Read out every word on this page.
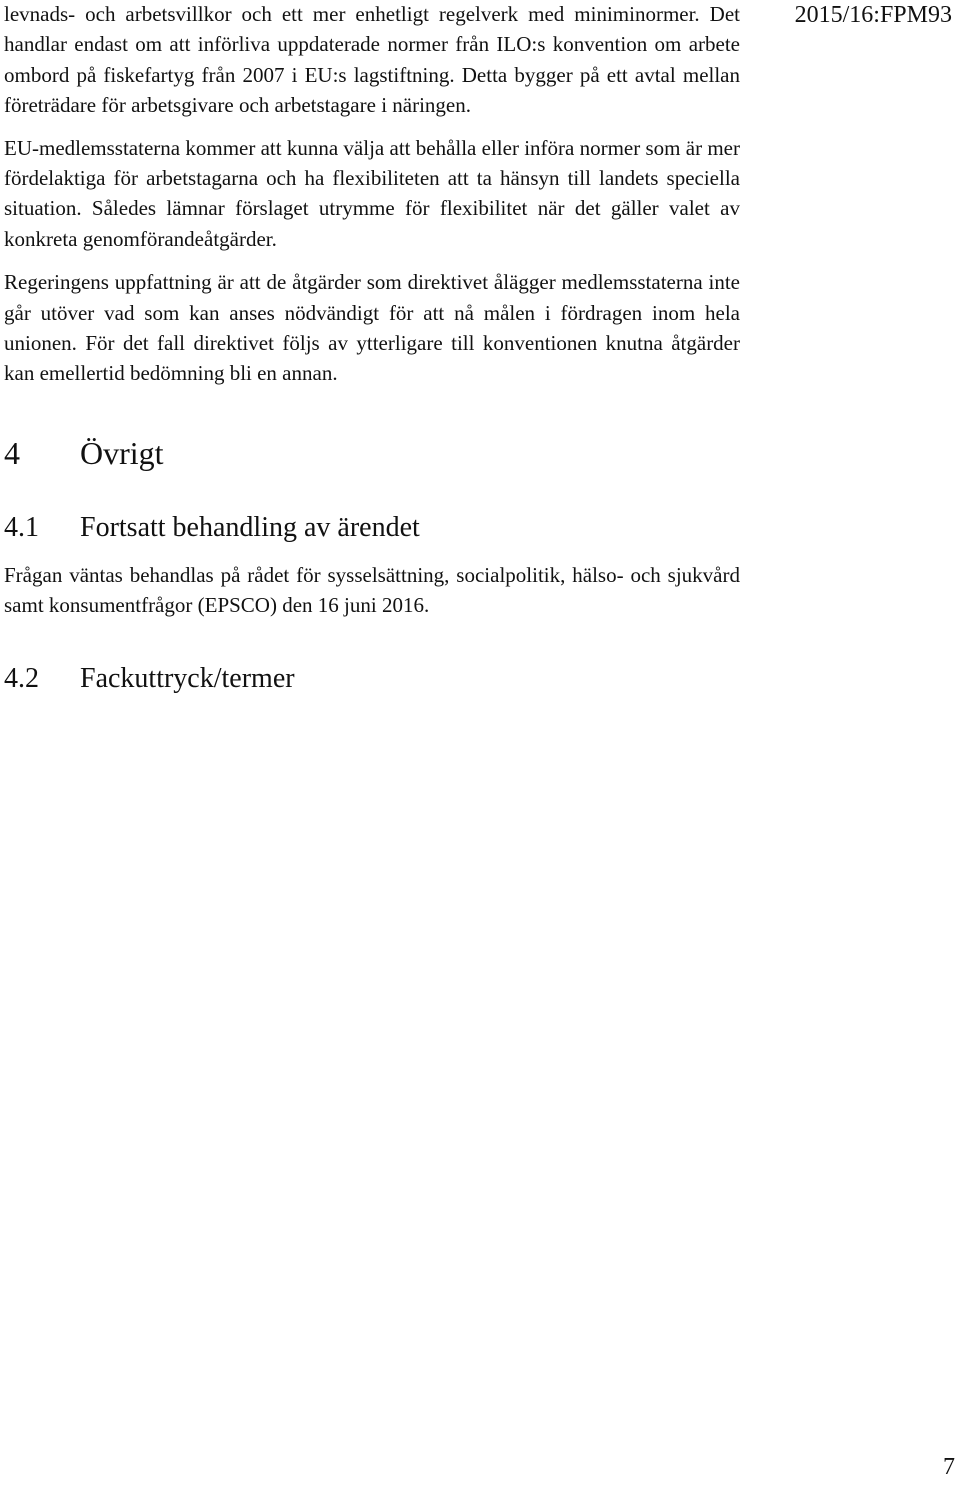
2015/16:FPM93

levnads- och arbetsvillkor och ett mer enhetligt regelverk med miniminormer. Det handlar endast om att införliva uppdaterade normer från ILO:s konvention om arbete ombord på fiskefartyg från 2007 i EU:s lagstiftning. Detta bygger på ett avtal mellan företrädare för arbetsgivare och arbetstagare i näringen.

EU-medlemsstaterna kommer att kunna välja att behålla eller införa normer som är mer fördelaktiga för arbetstagarna och ha flexibiliteten att ta hänsyn till landets speciella situation. Således lämnar förslaget utrymme för flexibilitet när det gäller valet av konkreta genomförandeåtgärder.

Regeringens uppfattning är att de åtgärder som direktivet ålägger medlemsstaterna inte går utöver vad som kan anses nödvändigt för att nå målen i fördragen inom hela unionen. För det fall direktivet följs av ytterligare till konventionen knutna åtgärder kan emellertid bedömning bli en annan.

4	Övrigt
4.1	Fortsatt behandling av ärendet

Frågan väntas behandlas på rådet för sysselsättning, socialpolitik, hälso- och sjukvård samt konsumentfrågor (EPSCO) den 16 juni 2016.

4.2	Fackuttryck/termer
7
